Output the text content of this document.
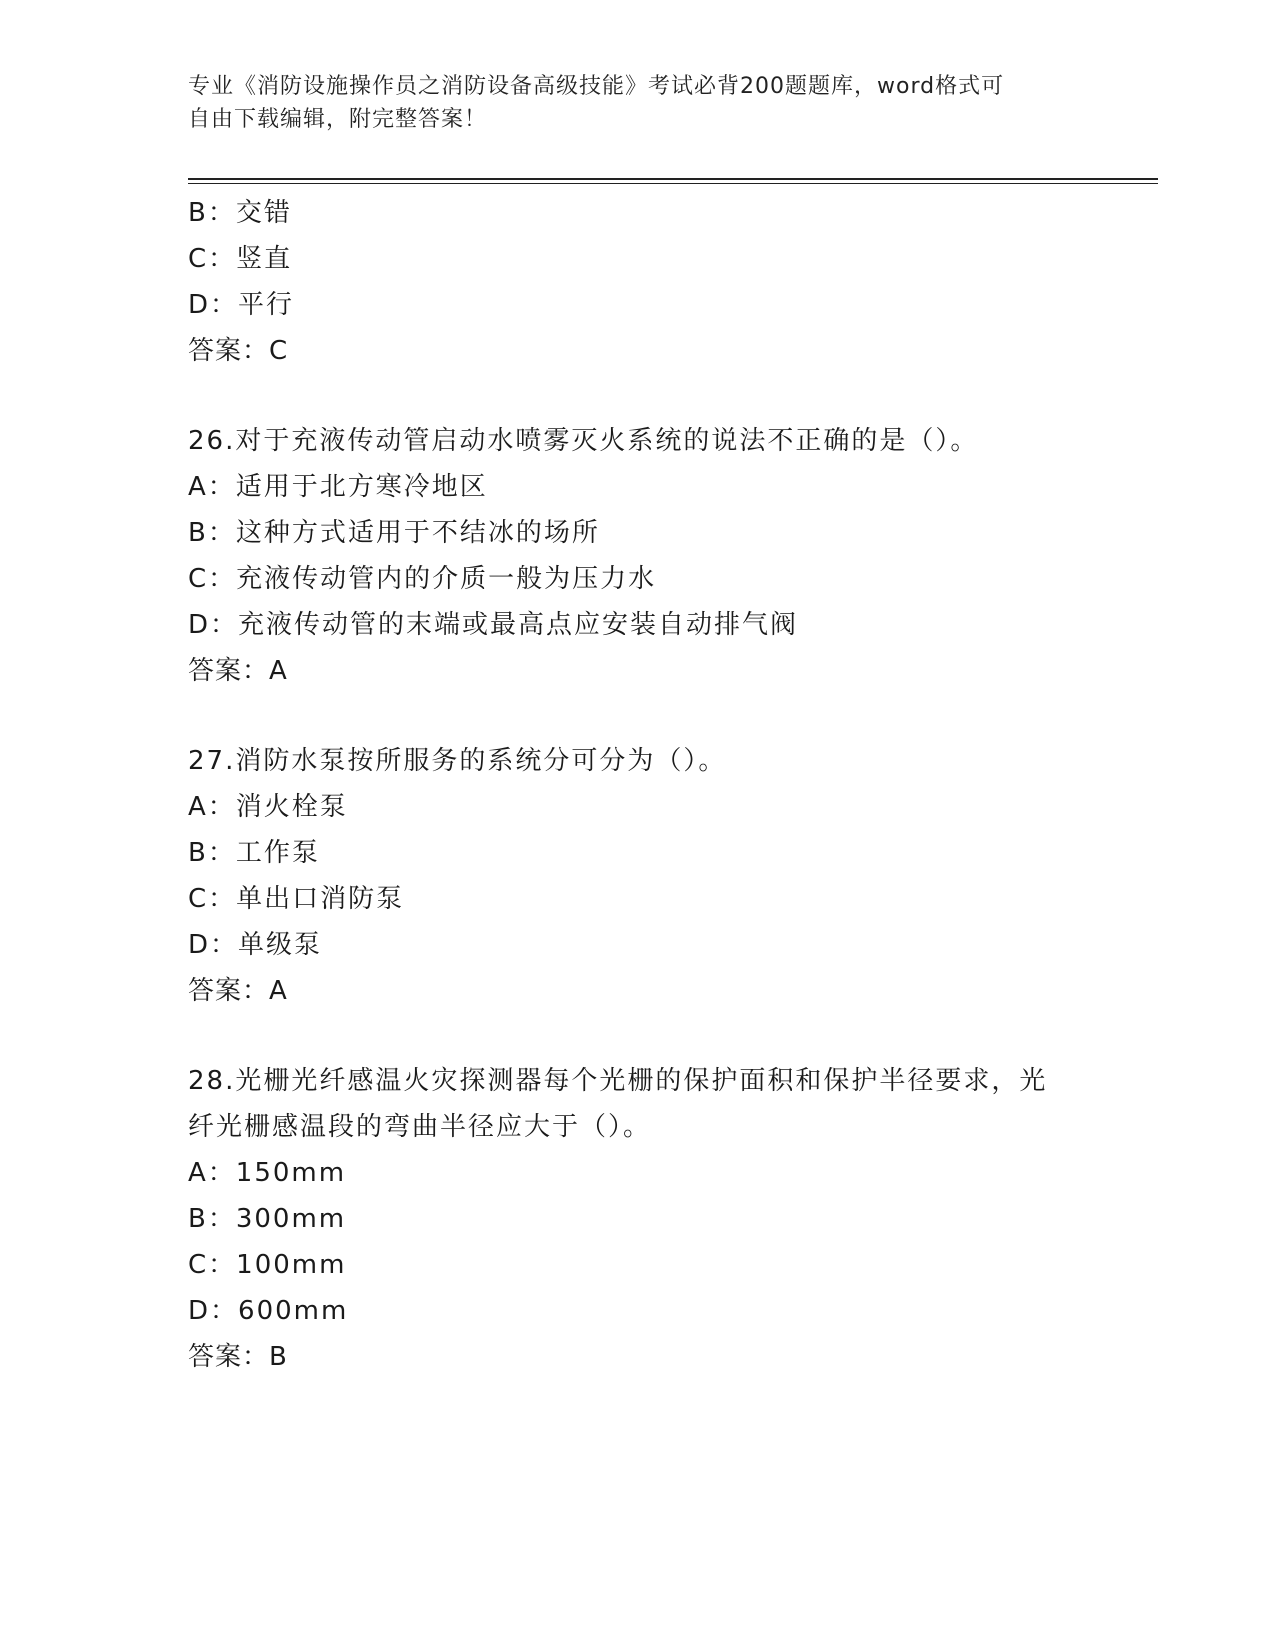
专业《消防设施操作员之消防设备高级技能》考试必背200题题库，word格式可
自由下载编辑，附完整答案！
B：交错
C：竖直
D：平行
答案：C
26.对于充液传动管启动水喷雾灭火系统的说法不正确的是（）。
A：适用于北方寒冷地区
B：这种方式适用于不结冰的场所
C：充液传动管内的介质一般为压力水
D：充液传动管的末端或最高点应安装自动排气阀
答案：A
27.消防水泵按所服务的系统分可分为（）。
A：消火栓泵
B：工作泵
C：单出口消防泵
D：单级泵
答案：A
28.光栅光纤感温火灾探测器每个光栅的保护面积和保护半径要求，光
纤光栅感温段的弯曲半径应大于（）。
A：150mm
B：300mm
C：100mm
D：600mm
答案：B
